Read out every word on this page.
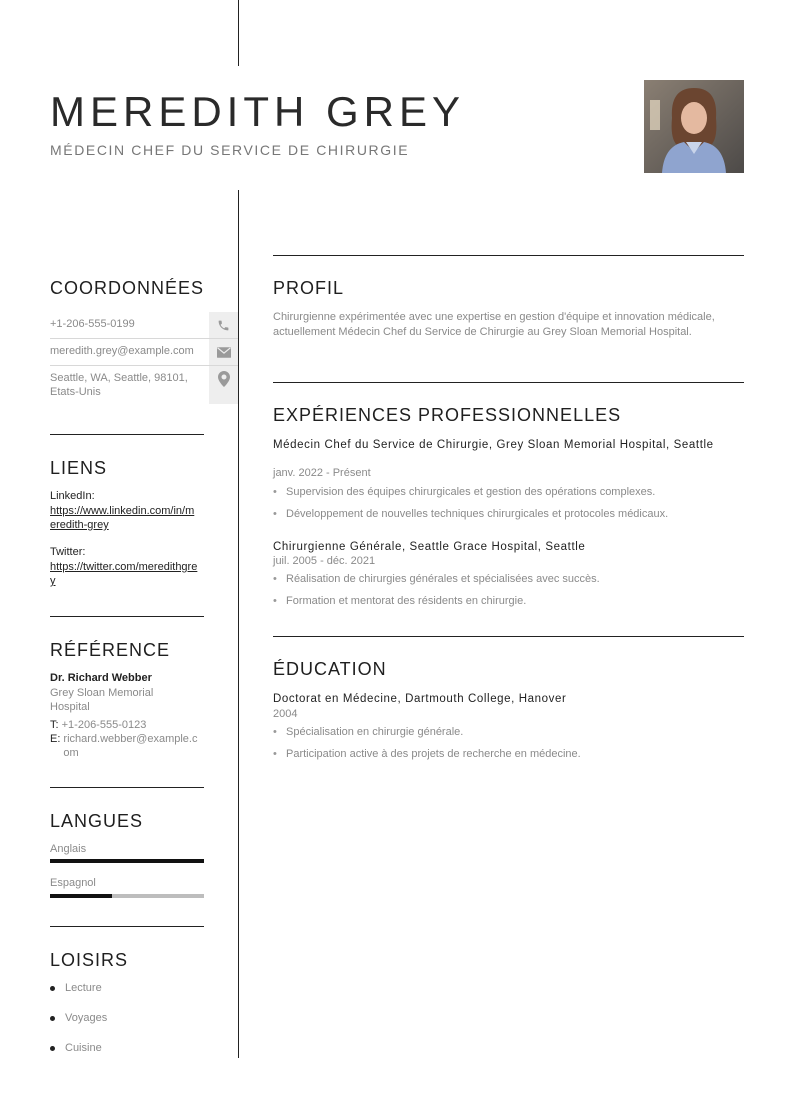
MEREDITH GREY
MÉDECIN CHEF DU SERVICE DE CHIRURGIE
COORDONNÉES
+1-206-555-0199
meredith.grey@example.com
Seattle, WA, Seattle, 98101, Etats-Unis
LIENS
LinkedIn:
https://www.linkedin.com/in/meredith-grey
Twitter:
https://twitter.com/meredithgrey
RÉFÉRENCE
Dr. Richard Webber
Grey Sloan Memorial Hospital
T: +1-206-555-0123
E: richard.webber@example.com
LANGUES
Anglais
Espagnol
LOISIRS
Lecture
Voyages
Cuisine
PROFIL
Chirurgienne expérimentée avec une expertise en gestion d'équipe et innovation médicale, actuellement Médecin Chef du Service de Chirurgie au Grey Sloan Memorial Hospital.
EXPÉRIENCES PROFESSIONNELLES
Médecin Chef du Service de Chirurgie, Grey Sloan Memorial Hospital, Seattle
janv. 2022 - Présent
• Supervision des équipes chirurgicales et gestion des opérations complexes.
• Développement de nouvelles techniques chirurgicales et protocoles médicaux.
Chirurgienne Générale, Seattle Grace Hospital, Seattle
juil. 2005 - déc. 2021
• Réalisation de chirurgies générales et spécialisées avec succès.
• Formation et mentorat des résidents en chirurgie.
ÉDUCATION
Doctorat en Médecine, Dartmouth College, Hanover
2004
• Spécialisation en chirurgie générale.
• Participation active à des projets de recherche en médecine.
